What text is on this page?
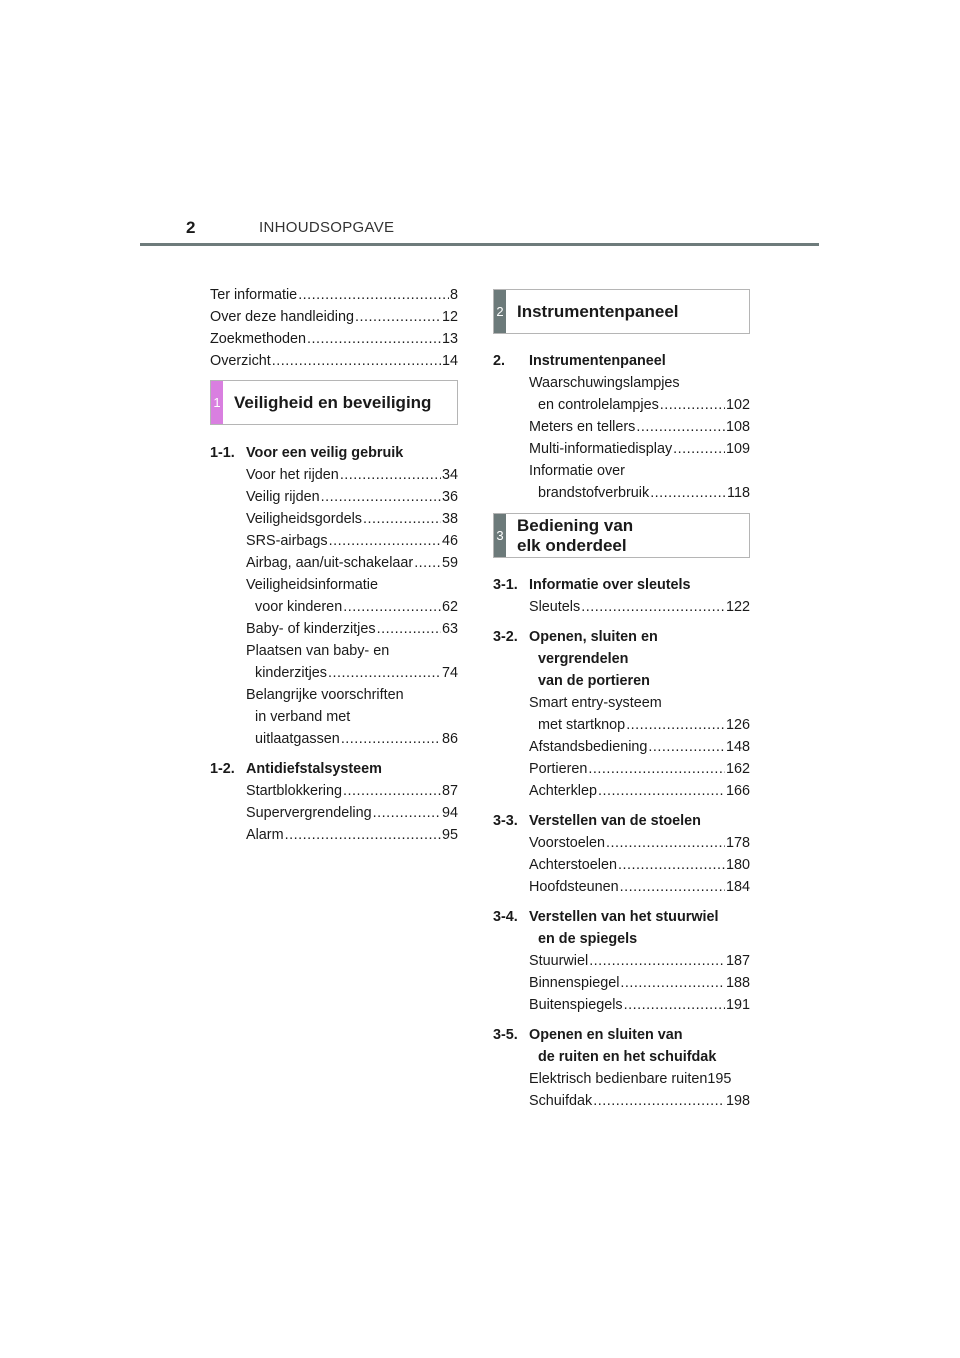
2	INHOUDSOPGAVE
Ter informatie .....	8
Over deze handleiding .....	12
Zoekmethoden .....	13
Overzicht .....	14
1 Veiligheid en beveiliging
1-1. Voor een veilig gebruik
Voor het rijden .....	34
Veilig rijden .....	36
Veiligheidsgordels .....	38
SRS-airbags .....	46
Airbag, aan/uit-schakelaar ..... 59
Veiligheidsinformatie
voor kinderen .....	62
Baby- of kinderzitjes .....	63
Plaatsen van baby- en
kinderzitjes .....	74
Belangrijke voorschriften
in verband met
uitlaatgassen .....	86
1-2. Antidiefstalsysteem
Startblokkering .....	87
Supervergrendeling .....	94
Alarm .....	95
2 Instrumentenpaneel
2.	Instrumentenpaneel
Waarschuwingslampjes
en controlelampjes .....	102
Meters en tellers .....	108
Multi-informatiedisplay .....	109
Informatie over
brandstofverbruik .....	118
3
Bediening van
elk onderdeel
3-1. Informatie over sleutels
Sleutels .....	122
3-2. Openen, sluiten en
vergrendelen
van de portieren
Smart entry-systeem
met startknop .....	126
Afstandsbediening .....	148
Portieren .....	162
Achterklep .....	166
3-3. Verstellen van de stoelen
Voorstoelen .....	178
Achterstoelen .....	180
Hoofdsteunen .....	184
3-4. Verstellen van het stuurwiel
en de spiegels
Stuurwiel .....	187
Binnenspiegel .....	188
Buitenspiegels .....	191
3-5. Openen en sluiten van
de ruiten en het schuifdak
Elektrisch bedienbare ruiten195
Schuifdak .....	198
